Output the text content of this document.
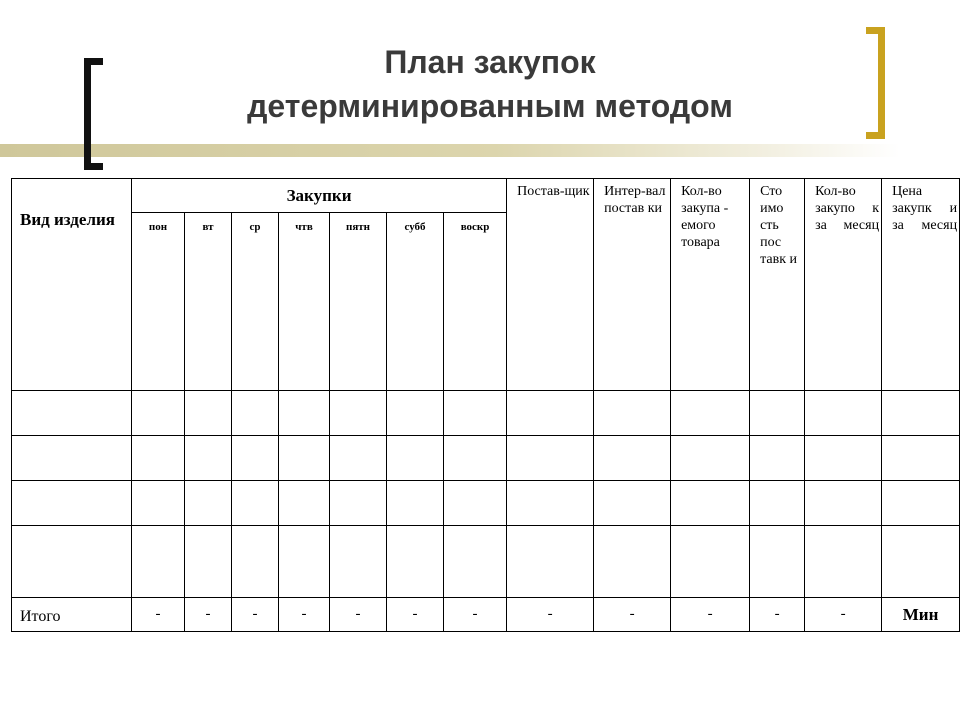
План закупок
детерминированным методом
Вид изделия	Закупки							Постав-щик	Интер-вал постав ки	Кол-во закупа - емого товара	Сто имо сть пос тавк и	Кол-во закупо к за месяц	Цена закупк и за месяц
	пон	вт	ср	чтв	пятн	субб	воскр						

Итого	-	-	-	-	-	-	-	-	-	-	-	-	Мин
